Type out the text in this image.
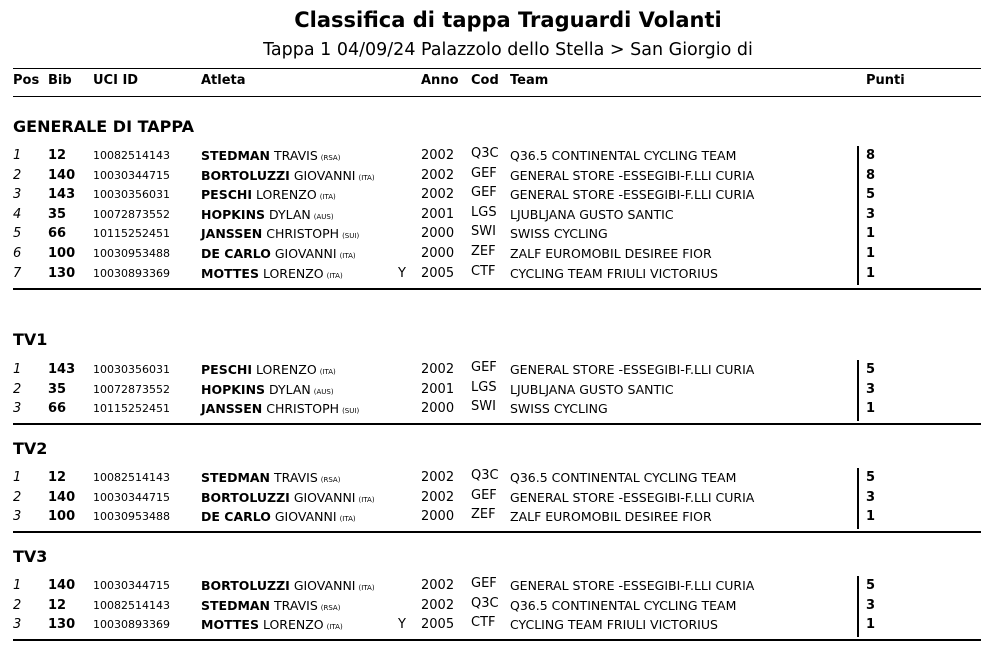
Classifica di tappa Traguardi Volanti
Tappa 1 04/09/24 Palazzolo dello Stella > San Giorgio di
Pos Bib UCI ID	Atleta	Anno Cod Team	Punti
GENERALE DI TAPPA
1 12 10082514143 STEDMAN TRAVIS (RSA)	2002 Q3C Q36.5 CONTINENTAL CYCLING TEAM	8
2 140 10030344715 BORTOLUZZI GIOVANNI (ITA)	2002 GEF GENERAL STORE -ESSEGIBI-F.LLI CURIA	8
3 143 10030356031 PESCHI LORENZO (ITA)	2002 GEF GENERAL STORE -ESSEGIBI-F.LLI CURIA	5
4 35 10072873552 HOPKINS DYLAN (AUS)	2001 LGS LJUBLJANA GUSTO SANTIC	3
5 66 10115252451 JANSSEN CHRISTOPH (SUI)	2000 SWI SWISS CYCLING	1
6 100 10030953488 DE CARLO GIOVANNI (ITA)	2000 ZEF ZALF EUROMOBIL DESIREE FIOR	1
7 130 10030893369 MOTTES LORENZO (ITA)	Y 2005 CTF CYCLING TEAM FRIULI VICTORIUS	1
TV1
1 143 10030356031 PESCHI LORENZO (ITA)	2002 GEF GENERAL STORE -ESSEGIBI-F.LLI CURIA	5
2 35 10072873552 HOPKINS DYLAN (AUS)	2001 LGS LJUBLJANA GUSTO SANTIC	3
3 66 10115252451 JANSSEN CHRISTOPH (SUI)	2000 SWI SWISS CYCLING	1
TV2
1 12 10082514143 STEDMAN TRAVIS (RSA)	2002 Q3C Q36.5 CONTINENTAL CYCLING TEAM	5
2 140 10030344715 BORTOLUZZI GIOVANNI (ITA)	2002 GEF GENERAL STORE -ESSEGIBI-F.LLI CURIA	3
3 100 10030953488 DE CARLO GIOVANNI (ITA)	2000 ZEF ZALF EUROMOBIL DESIREE FIOR	1
TV3
1 140 10030344715 BORTOLUZZI GIOVANNI (ITA)	2002 GEF GENERAL STORE -ESSEGIBI-F.LLI CURIA	5
2 12 10082514143 STEDMAN TRAVIS (RSA)	2002 Q3C Q36.5 CONTINENTAL CYCLING TEAM	3
3 130 10030893369 MOTTES LORENZO (ITA)	Y 2005 CTF CYCLING TEAM FRIULI VICTORIUS	1
